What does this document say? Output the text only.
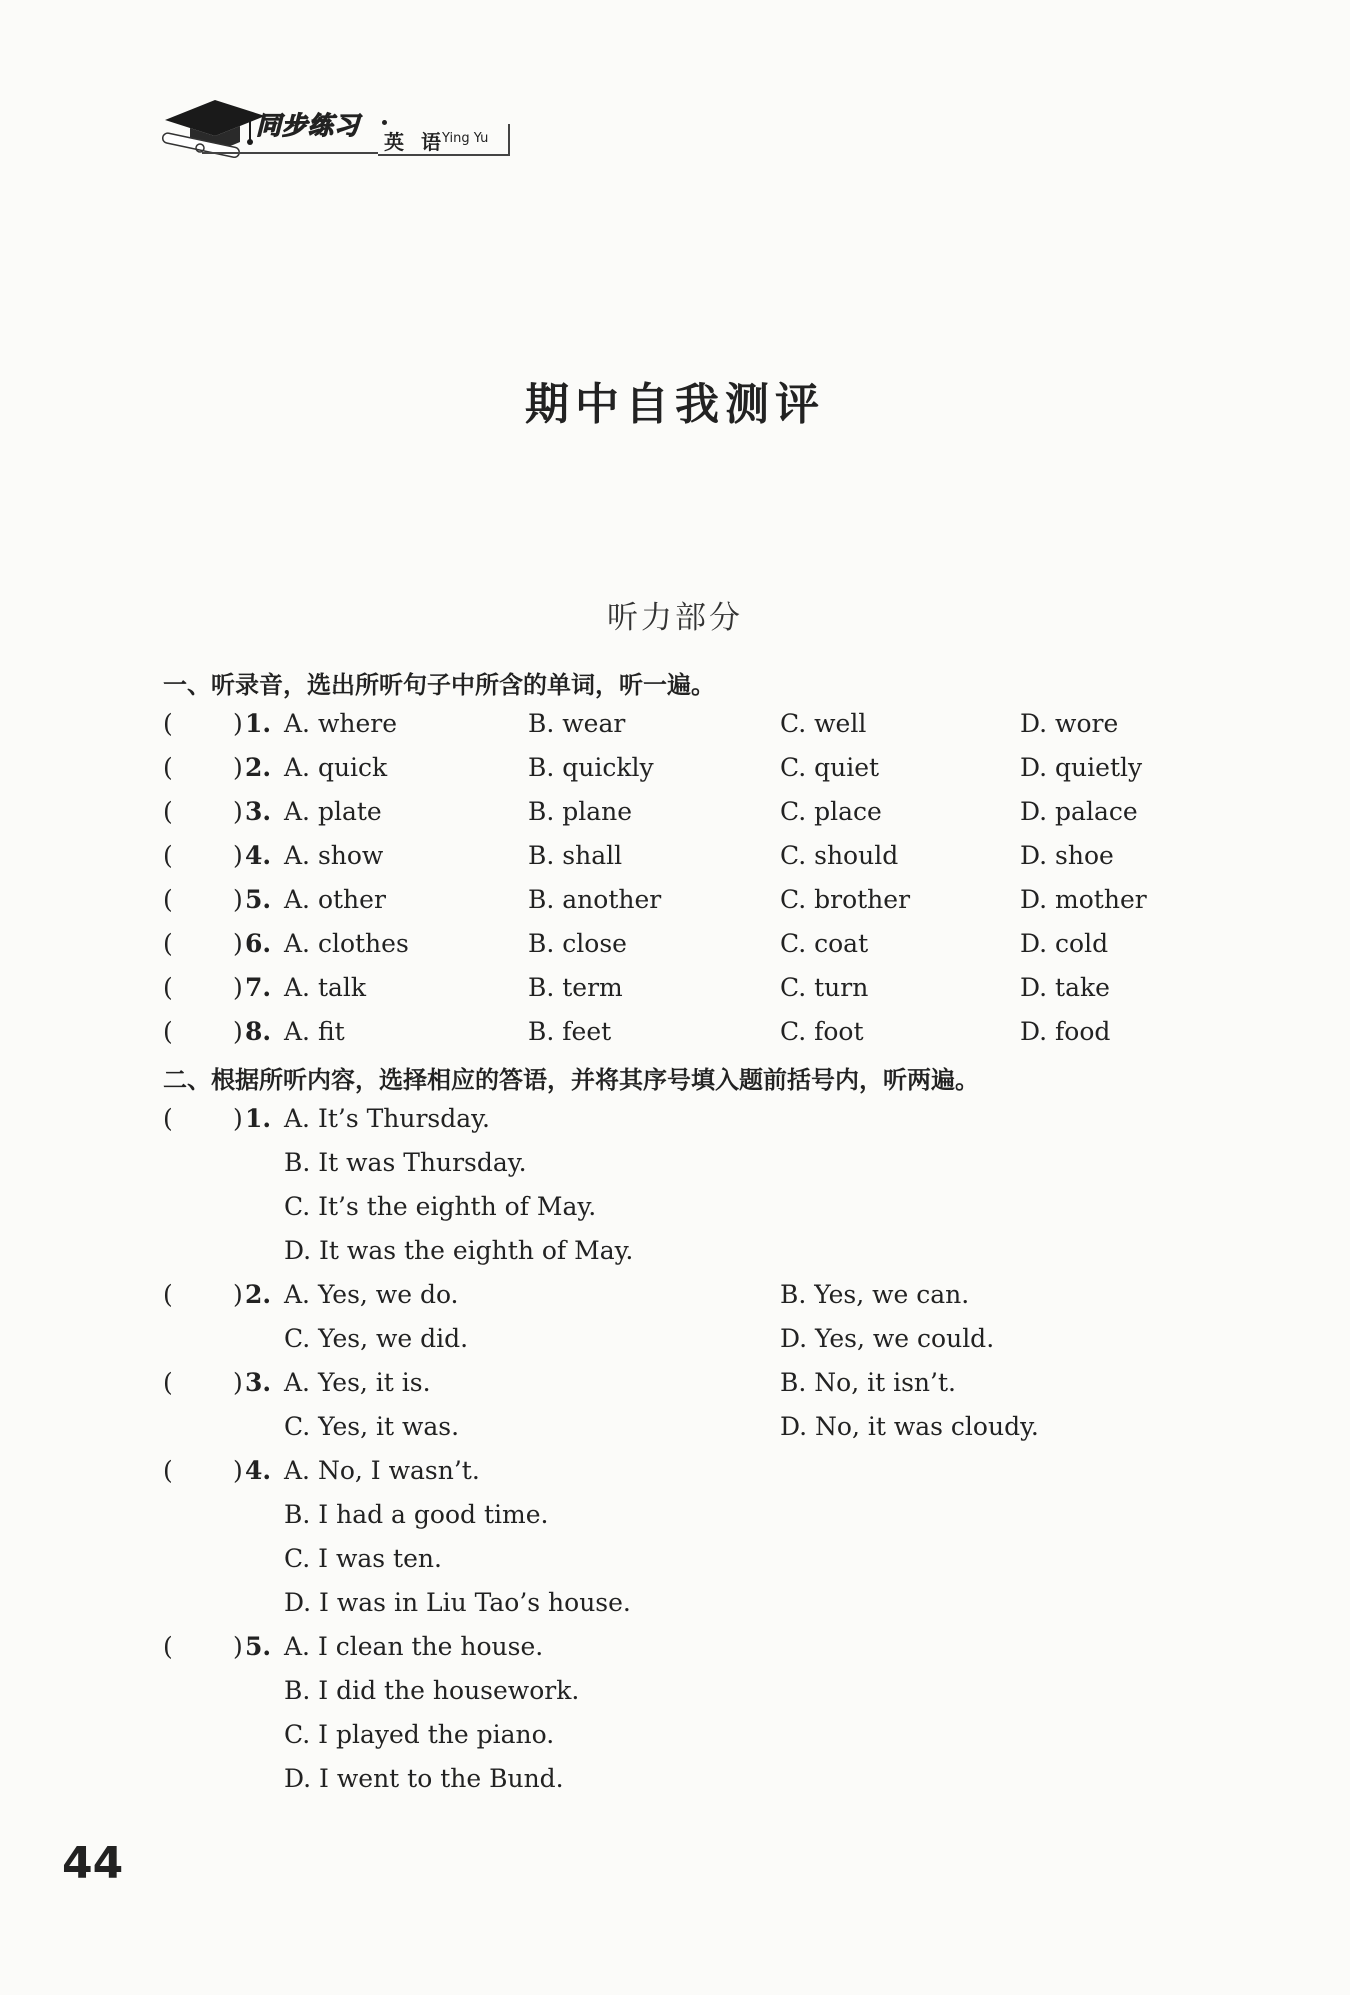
同步练习
英 语
Ying Yu
期中自我测评
听力部分
一、听录音，选出所听句子中所含的单词，听一遍。
( ) 1. A. where	B. wear	C. well	D. wore
( ) 2. A. quick	B. quickly	C. quiet	D. quietly
( ) 3. A. plate	B. plane	C. place	D. palace
( ) 4. A. show	B. shall	C. should	D. shoe
( ) 5. A. other	B. another	C. brother	D. mother
( ) 6. A. clothes	B. close	C. coat	D. cold
( ) 7. A. talk	B. term	C. turn	D. take
( ) 8. A. fit	B. feet	C. foot	D. food
二、根据所听内容，选择相应的答语，并将其序号填入题前括号内，听两遍。
( ) 1. A. It’s Thursday.
B. It was Thursday.
C. It’s the eighth of May.
D. It was the eighth of May.
( ) 2. A. Yes, we do.	B. Yes, we can.
C. Yes, we did.	D. Yes, we could.
( ) 3. A. Yes, it is.	B. No, it isn’t.
C. Yes, it was.	D. No, it was cloudy.
( ) 4. A. No, I wasn’t.
B. I had a good time.
C. I was ten.
D. I was in Liu Tao’s house.
( ) 5. A. I clean the house.
B. I did the housework.
C. I played the piano.
D. I went to the Bund.
44
